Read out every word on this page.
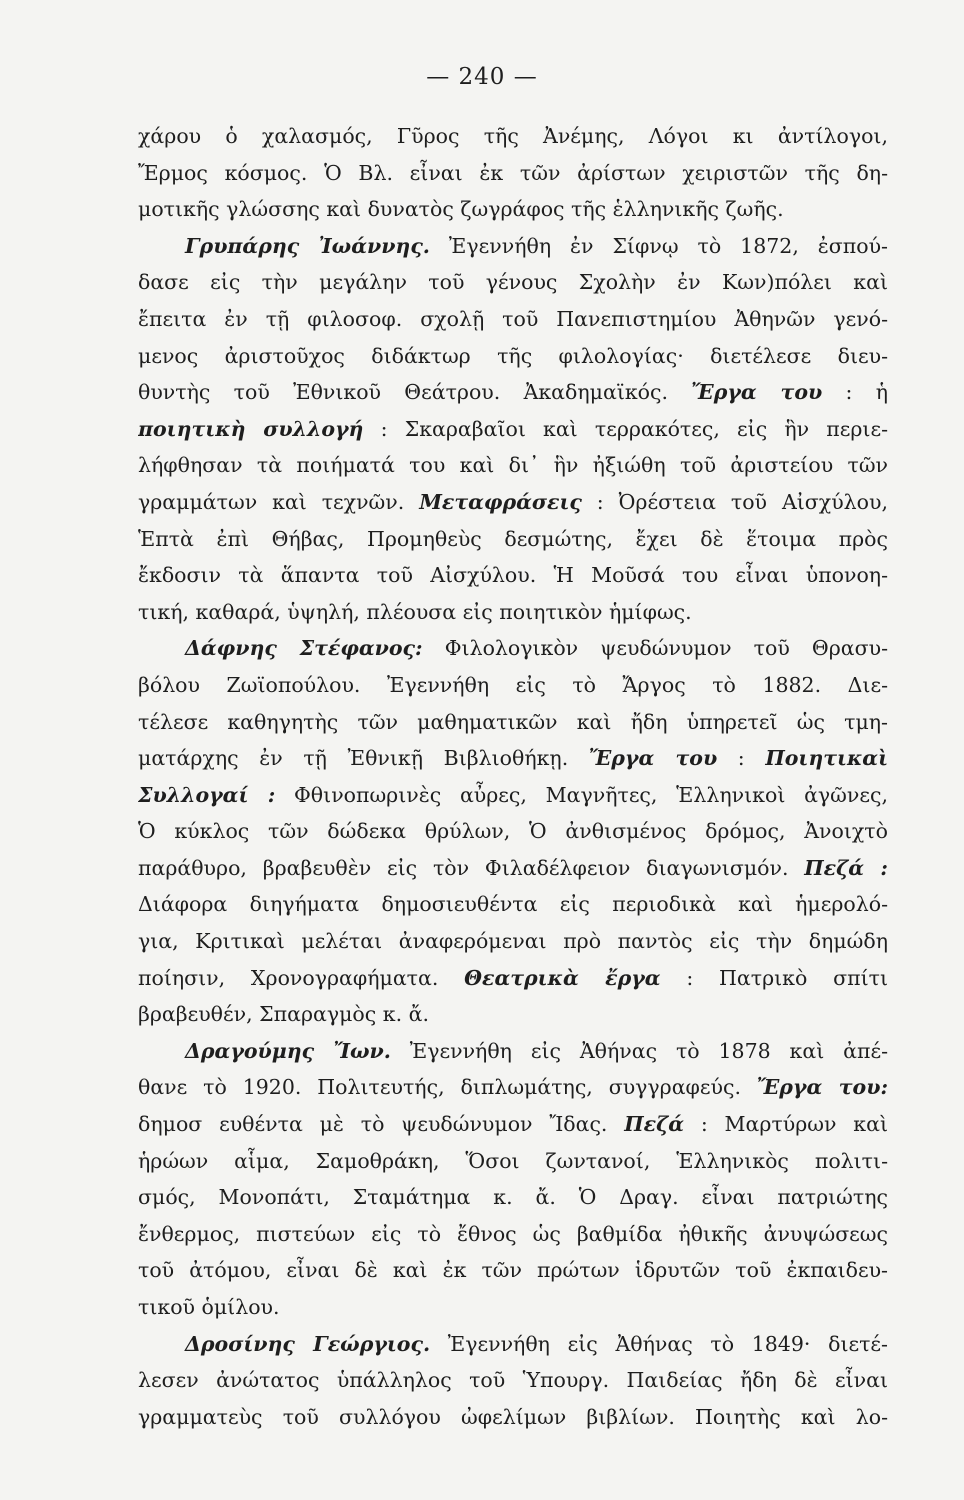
— 240 —
χάρου ὁ χαλασμός, Γῦρος τῆς Ἀνέμης, Λόγοι κι ἀντίλογοι,
Ἔρμος κόσμος. Ὁ Βλ. εἶναι ἐκ τῶν ἀρίστων χειριστῶν τῆς δη-
μοτικῆς γλώσσης καὶ δυνατὸς ζωγράφος τῆς ἑλληνικῆς ζωῆς.
Γρυπάρης Ἰωάννης. Ἐγεννήθη ἐν Σίφνῳ τὸ 1872, ἐσπού-
δασε εἰς τὴν μεγάλην τοῦ γένους Σχολὴν ἐν Κων)πόλει καὶ
ἔπειτα ἐν τῇ φιλοσοφ. σχολῇ τοῦ Πανεπιστημίου Ἀθηνῶν γενό-
μενος ἀριστοῦχος διδάκτωρ τῆς φιλολογίας· διετέλεσε διευ-
θυντὴς τοῦ Ἐθνικοῦ Θεάτρου. Ἀκαδημαϊκός. Ἔργα του : ἡ
ποιητικὴ συλλογή : Σκαραβαῖοι καὶ τερρακότες, εἰς ἣν περιε-
λήφθησαν τὰ ποιήματά του καὶ δι᾿ ἣν ἠξιώθη τοῦ ἀριστείου τῶν
γραμμάτων καὶ τεχνῶν. Μεταφράσεις : Ὀρέστεια τοῦ Αἰσχύλου,
Ἑπτὰ ἐπὶ Θήβας, Προμηθεὺς δεσμώτης, ἔχει δὲ ἕτοιμα πρὸς
ἔκδοσιν τὰ ἅπαντα τοῦ Αἰσχύλου. Ἡ Μοῦσά του εἶναι ὑπονοη-
τική, καθαρά, ὑψηλή, πλέουσα εἰς ποιητικὸν ἡμίφως.
Δάφνης Στέφανος: Φιλολογικὸν ψευδώνυμον τοῦ Θρασυ-
βόλου Ζωϊοπούλου. Ἐγεννήθη εἰς τὸ Ἄργος τὸ 1882. Διε-
τέλεσε καθηγητὴς τῶν μαθηματικῶν καὶ ἤδη ὑπηρετεῖ ὡς τμη-
ματάρχης ἐν τῇ Ἐθνικῇ Βιβλιοθήκῃ. Ἔργα του : Ποιητικαὶ
Συλλογαί : Φθινοπωρινὲς αὖρες, Μαγνῆτες, Ἑλληνικοὶ ἀγῶνες,
Ὁ κύκλος τῶν δώδεκα θρύλων, Ὁ ἀνθισμένος δρόμος, Ἀνοιχτὸ
παράθυρο, βραβευθὲν εἰς τὸν Φιλαδέλφειον διαγωνισμόν. Πεζά :
Διάφορα διηγήματα δημοσιευθέντα εἰς περιοδικὰ καὶ ἡμερολό-
για, Κριτικαὶ μελέται ἀναφερόμεναι πρὸ παντὸς εἰς τὴν δημώδη
ποίησιν, Χρονογραφήματα. Θεατρικὰ ἔργα : Πατρικὸ σπίτι
βραβευθέν, Σπαραγμὸς κ. ἄ.
Δραγούμης Ἴων. Ἐγεννήθη εἰς Ἀθήνας τὸ 1878 καὶ ἀπέ-
θανε τὸ 1920. Πολιτευτής, διπλωμάτης, συγγραφεύς. Ἔργα του:
δημοσ ευθέντα μὲ τὸ ψευδώνυμον Ἴδας. Πεζά : Μαρτύρων καὶ
ἡρώων αἷμα, Σαμοθράκη, Ὅσοι ζωντανοί, Ἑλληνικὸς πολιτι-
σμός, Μονοπάτι, Σταμάτημα κ. ἄ. Ὁ Δραγ. εἶναι πατριώτης
ἔνθερμος, πιστεύων εἰς τὸ ἔθνος ὡς βαθμίδα ἠθικῆς ἀνυψώσεως
τοῦ ἀτόμου, εἶναι δὲ καὶ ἐκ τῶν πρώτων ἱδρυτῶν τοῦ ἐκπαιδευ-
τικοῦ ὁμίλου.
Δροσίνης Γεώργιος. Ἐγεννήθη εἰς Ἀθήνας τὸ 1849· διετέ-
λεσεν ἀνώτατος ὑπάλληλος τοῦ Ὑπουργ. Παιδείας ἤδη δὲ εἶναι
γραμματεὺς τοῦ συλλόγου ὠφελίμων βιβλίων. Ποιητὴς καὶ λο-
